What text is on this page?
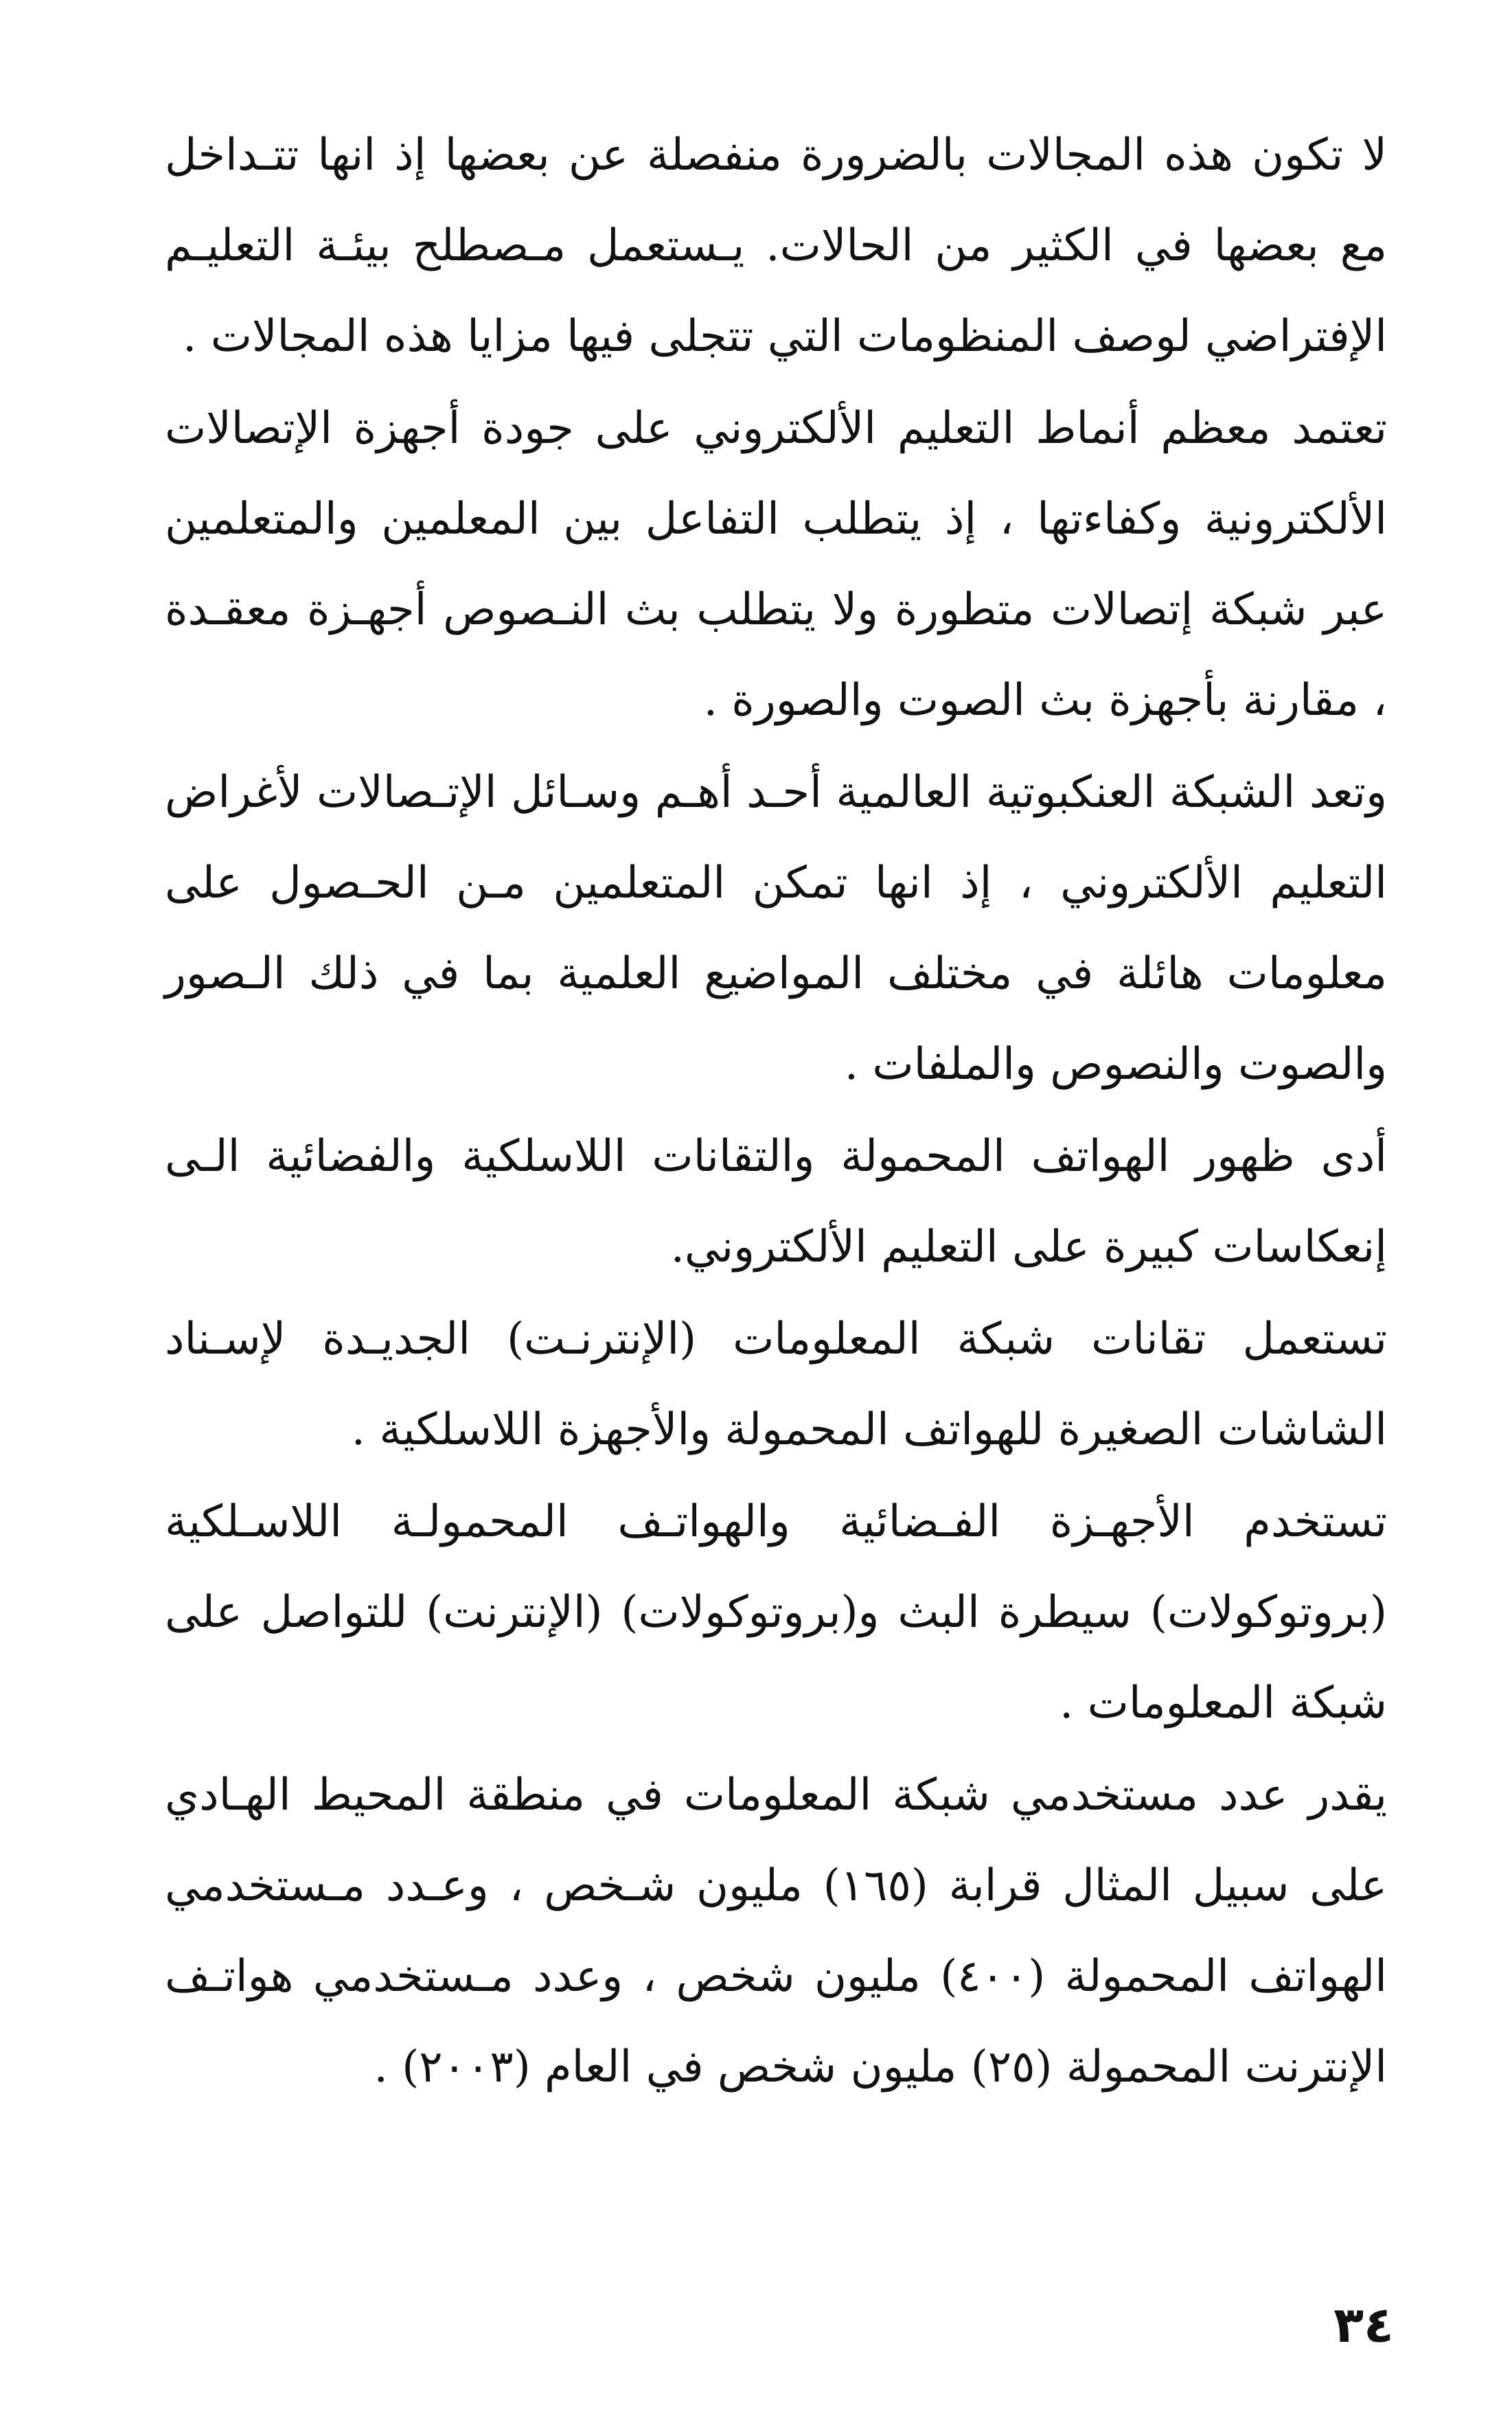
لا تكون هذه المجالات بالضرورة منفصلة عن بعضها إذ انها تتـداخل مع بعضها في الكثير من الحالات. يـستعمل مـصطلح بيئـة التعليـم الإفتراضي لوصف المنظومات التي تتجلى فيها مزايا هذه المجالات .

تعتمد معظم أنماط التعليم الألكتروني على جودة أجهزة الإتصالات الألكترونية وكفاءتها ، إذ يتطلب التفاعل بين المعلمين والمتعلمين عبر شبكة إتصالات متطورة ولا يتطلب بث النـصوص أجهـزة معقـدة ، مقارنة بأجهزة بث الصوت والصورة .

وتعد الشبكة العنكبوتية العالمية أحـد أهـم وسـائل الإتـصالات لأغراض التعليم الألكتروني ، إذ انها تمكن المتعلمين مـن الحـصول على معلومات هائلة في مختلف المواضيع العلمية بما في ذلك الـصور والصوت والنصوص والملفات .

أدى ظهور الهواتف المحمولة والتقانات اللاسلكية والفضائية الـى إنعكاسات كبيرة على التعليم الألكتروني.

تستعمل تقانات شبكة المعلومات (الإنترنـت) الجديـدة لإسـناد الشاشات الصغيرة للهواتف المحمولة والأجهزة اللاسلكية .

تستخدم الأجهـزة الفـضائية والهواتـف المحمولـة اللاسـلكية (بروتوكولات) سيطرة البث و(بروتوكولات) (الإنترنت) للتواصل على شبكة المعلومات .

يقدر عدد مستخدمي شبكة المعلومات في منطقة المحيط الهـادي على سبيل المثال قرابة (١٦٥) مليون شـخص ، وعـدد مـستخدمي الهواتف المحمولة (٤٠٠) مليون شخص ، وعدد مـستخدمي هواتـف الإنترنت المحمولة (٢٥) مليون شخص في العام (٢٠٠٣) .

٣٤
